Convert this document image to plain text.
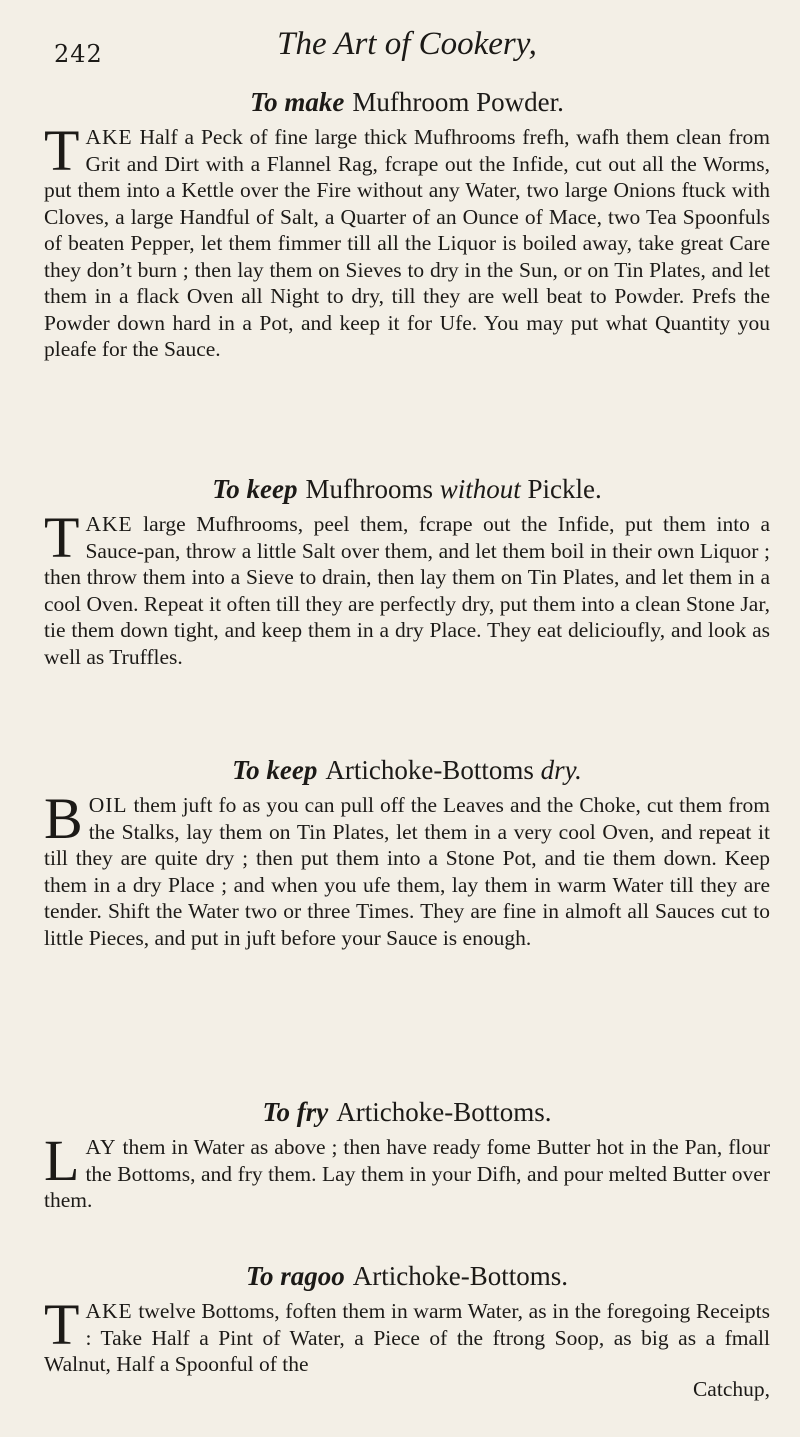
242	The Art of Cookery,
To make Mufhroom Powder.
TAKE Half a Peck of fine large thick Mufhrooms frefh, wafh them clean from Grit and Dirt with a Flannel Rag, fcrape out the Infide, cut out all the Worms, put them into a Kettle over the Fire without any Water, two large Onions ftuck with Cloves, a large Handful of Salt, a Quarter of an Ounce of Mace, two Tea Spoonfuls of beaten Pepper, let them fimmer till all the Liquor is boiled away, take great Care they don’t burn ; then lay them on Sieves to dry in the Sun, or on Tin Plates, and let them in a flack Oven all Night to dry, till they are well beat to Powder. Prefs the Powder down hard in a Pot, and keep it for Ufe. You may put what Quantity you pleafe for the Sauce.
To keep Mufhrooms without Pickle.
TAKE large Mufhrooms, peel them, fcrape out the Infide, put them into a Sauce-pan, throw a little Salt over them, and let them boil in their own Liquor ; then throw them into a Sieve to drain, then lay them on Tin Plates, and let them in a cool Oven. Repeat it often till they are perfectly dry, put them into a clean Stone Jar, tie them down tight, and keep them in a dry Place. They eat delicioufly, and look as well as Truffles.
To keep Artichoke-Bottoms dry.
BOIL them juft fo as you can pull off the Leaves and the Choke, cut them from the Stalks, lay them on Tin Plates, let them in a very cool Oven, and repeat it till they are quite dry ; then put them into a Stone Pot, and tie them down. Keep them in a dry Place ; and when you ufe them, lay them in warm Water till they are tender. Shift the Water two or three Times. They are fine in almoft all Sauces cut to little Pieces, and put in juft before your Sauce is enough.
To fry Artichoke-Bottoms.
LAY them in Water as above ; then have ready fome Butter hot in the Pan, flour the Bottoms, and fry them. Lay them in your Difh, and pour melted Butter over them.
To ragoo Artichoke-Bottoms.
TAKE twelve Bottoms, foften them in warm Water, as in the foregoing Receipts : Take Half a Pint of Water, a Piece of the ftrong Soop, as big as a fmall Walnut, Half a Spoonful of the
Catchup,
